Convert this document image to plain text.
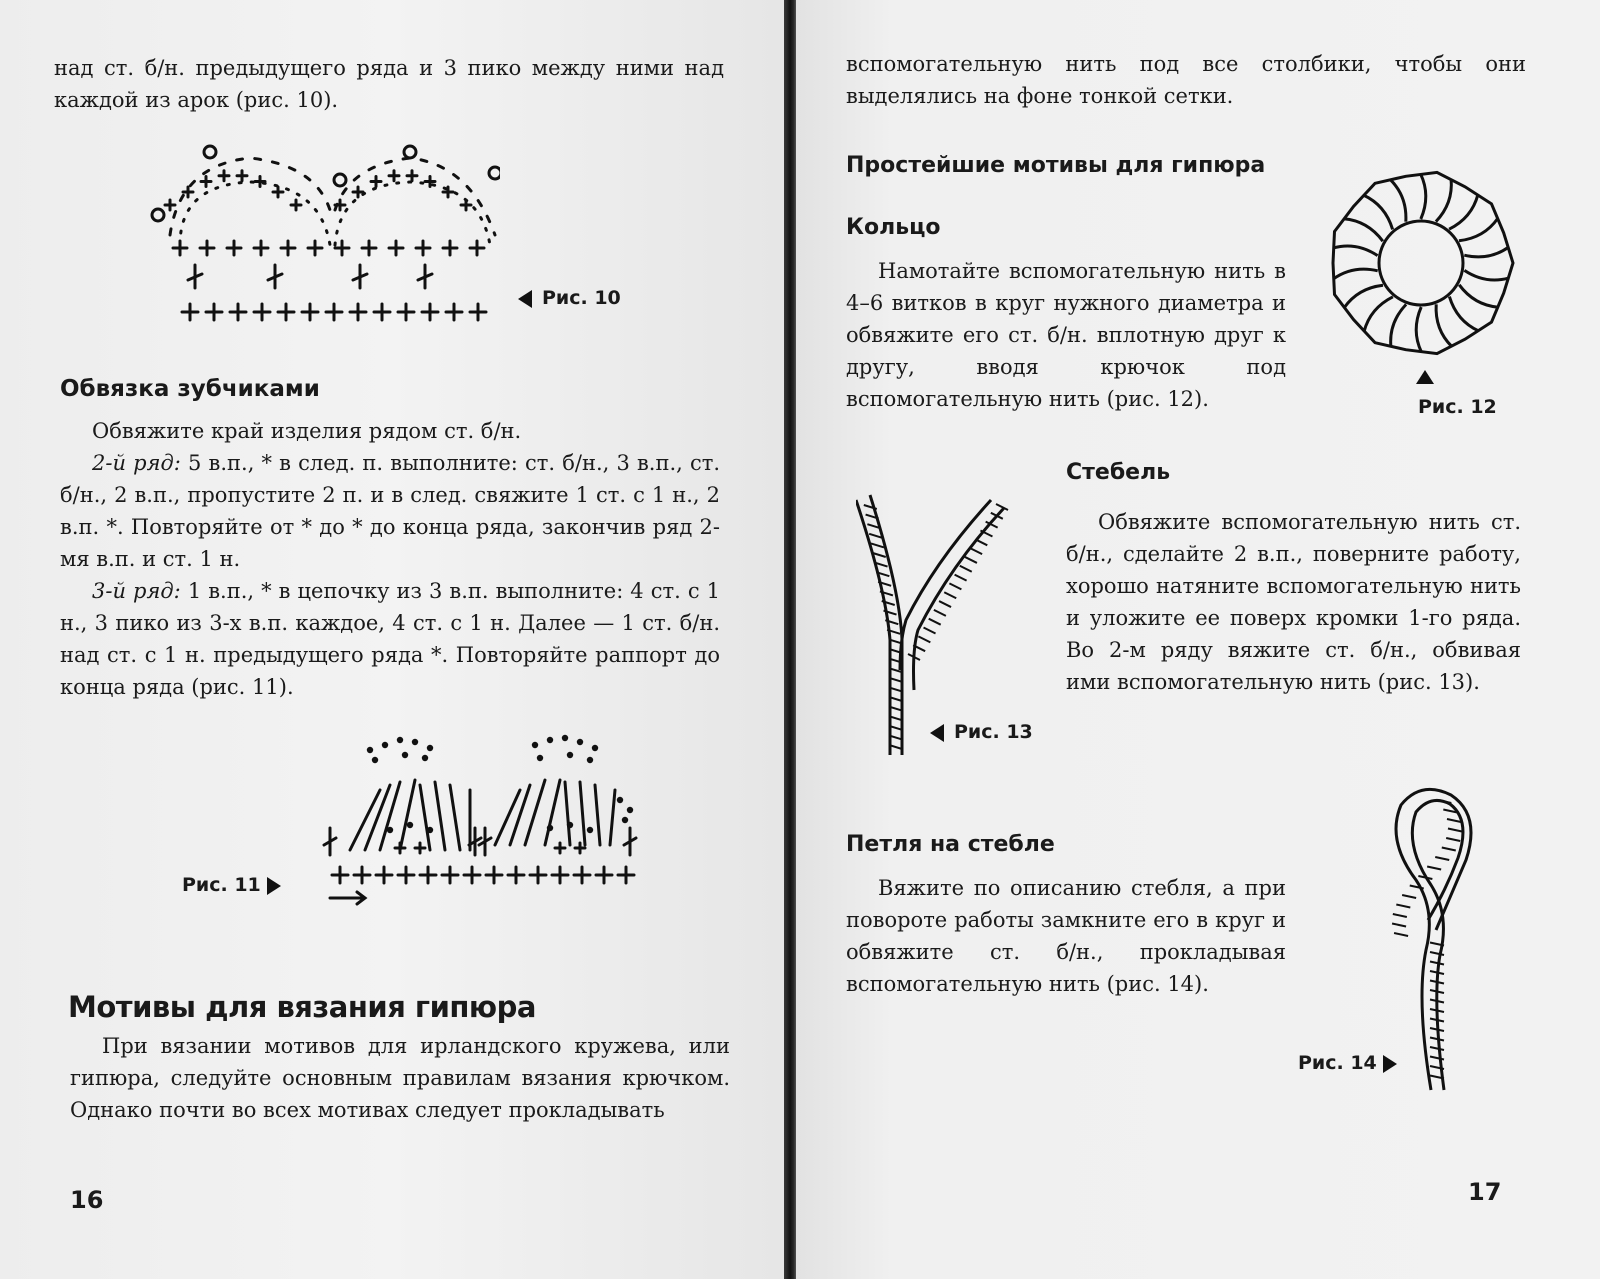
над ст. б/н. предыдущего ряда и 3 пико между ними над каждой из арок (рис. 10).

Рис. 10
Обвязка зубчиками

Обвяжите край изделия рядом ст. б/н.

2-й ряд: 5 в.п., * в след. п. выполните: ст. б/н., 3 в.п., ст. б/н., 2 в.п., пропустите 2 п. и в след. свяжите 1 ст. с 1 н., 2 в.п. *. Повторяйте от * до * до конца ряда, закончив ряд 2-мя в.п. и ст. 1 н.

3-й ряд: 1 в.п., * в цепочку из 3 в.п. выполните: 4 ст. с 1 н., 3 пико из 3-х в.п. каждое, 4 ст. с 1 н. Далее — 1 ст. б/н. над ст. с 1 н. предыдущего ряда *. Повторяйте раппорт до конца ряда (рис. 11).

Рис. 11
Мотивы для вязания гипюра

При вязании мотивов для ирландского кружева, или гипюра, следуйте основным правилам вязания крючком. Однако почти во всех мотивах следует прокладывать

16

вспомогательную нить под все столбики, чтобы они выделялись на фоне тонкой сетки.

Простейшие мотивы для гипюра
Кольцо

Намотайте вспомогательную нить в 4–6 витков в круг нужного диаметра и обвяжите его ст. б/н. вплотную друг к другу, вводя крючок под вспомогательную нить (рис. 12).	Рис. 12
Стебель

Обвяжите вспомогательную нить ст. б/н., сделайте 2 в.п., поверните работу, хорошо натяните вспомогательную нить и уложите ее поверх кромки 1-го ряда. Во 2-м ряду вяжите ст. б/н., обвивая ими вспомогательную нить (рис. 13).

Рис. 13
Петля на стебле

Вяжите по описанию стебля, а при повороте работы замкните его в круг и обвяжите ст. б/н., прокладывая вспомогательную нить (рис. 14).

Рис. 14
17
